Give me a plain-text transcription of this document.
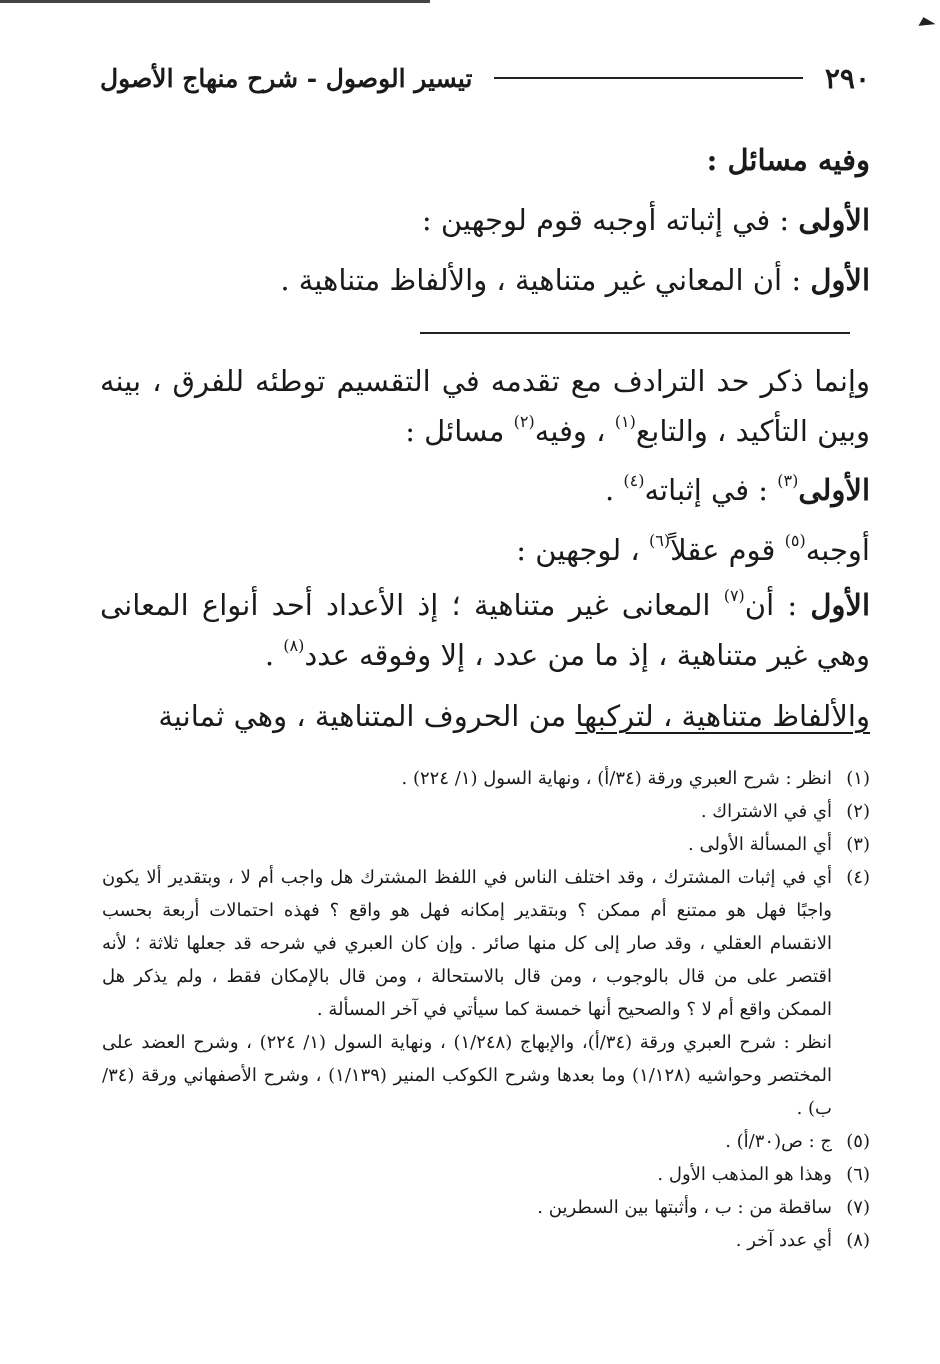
٢٩٠
تيسير الوصول - شرح منهاج الأصول
وفيه مسائل :
الأولى : في إثباته أوجبه قوم لوجهين :
الأول : أن المعاني غير متناهية ، والألفاظ متناهية .
وإنما ذكر حد الترادف مع تقدمه في التقسيم توطئه للفرق ، بينه وبين التأكيد ، والتابع$^{(١)}$ ، وفيه$^{(٢)}$ مسائل :
الأولى$^{(٣)}$ : في إثباته$^{(٤)}$ .
أوجبه$^{(٥)}$ قوم عقلاً$^{(٦)}$ ، لوجهين :
الأول : أن$^{(٧)}$ المعانى غير متناهية ؛ إذ الأعداد أحد أنواع المعانى وهي غير متناهية ، إذ ما من عدد ، إلا وفوقه عدد$^{(٨)}$ .
والألفاظ متناهية ، لتركبها من الحروف المتناهية ، وهي ثمانية
(١)
انظر : شرح العبري ورقة (٣٤/أ) ، ونهاية السول (١/ ٢٢٤) .
(٢)
أي في الاشتراك .
(٣)
أي المسألة الأولى .
(٤)

أي في إثبات المشترك ، وقد اختلف الناس في اللفظ المشترك هل واجب أم لا ، وبتقدير ألا يكون واجبًا فهل هو ممتنع أم ممكن ؟ وبتقدير إمكانه فهل هو واقع ؟ فهذه احتمالات أربعة بحسب الانقسام العقلي ، وقد صار إلى كل منها صائر . وإن كان العبري في شرحه قد جعلها ثلاثة ؛ لأنه اقتصر على من قال بالوجوب ، ومن قال بالاستحالة ، ومن قال بالإمكان فقط ، ولم يذكر هل الممكن واقع أم لا ؟ والصحيح أنها خمسة كما سيأتي في آخر المسألة .

انظر : شرح العبري ورقة (٣٤/أ)، والإبهاج (١/٢٤٨) ، ونهاية السول (١/ ٢٢٤) ، وشرح العضد على المختصر وحواشيه (١/١٢٨) وما بعدها وشرح الكوكب المنير (١/١٣٩) ، وشرح الأصفهاني ورقة (٣٤/ب) .

(٥)
ج : ص(٣٠/أ) .
(٦)
وهذا هو المذهب الأول .
(٧)
ساقطة من : ب ، وأثبتها بين السطرين .
(٨)
أي عدد آخر .
